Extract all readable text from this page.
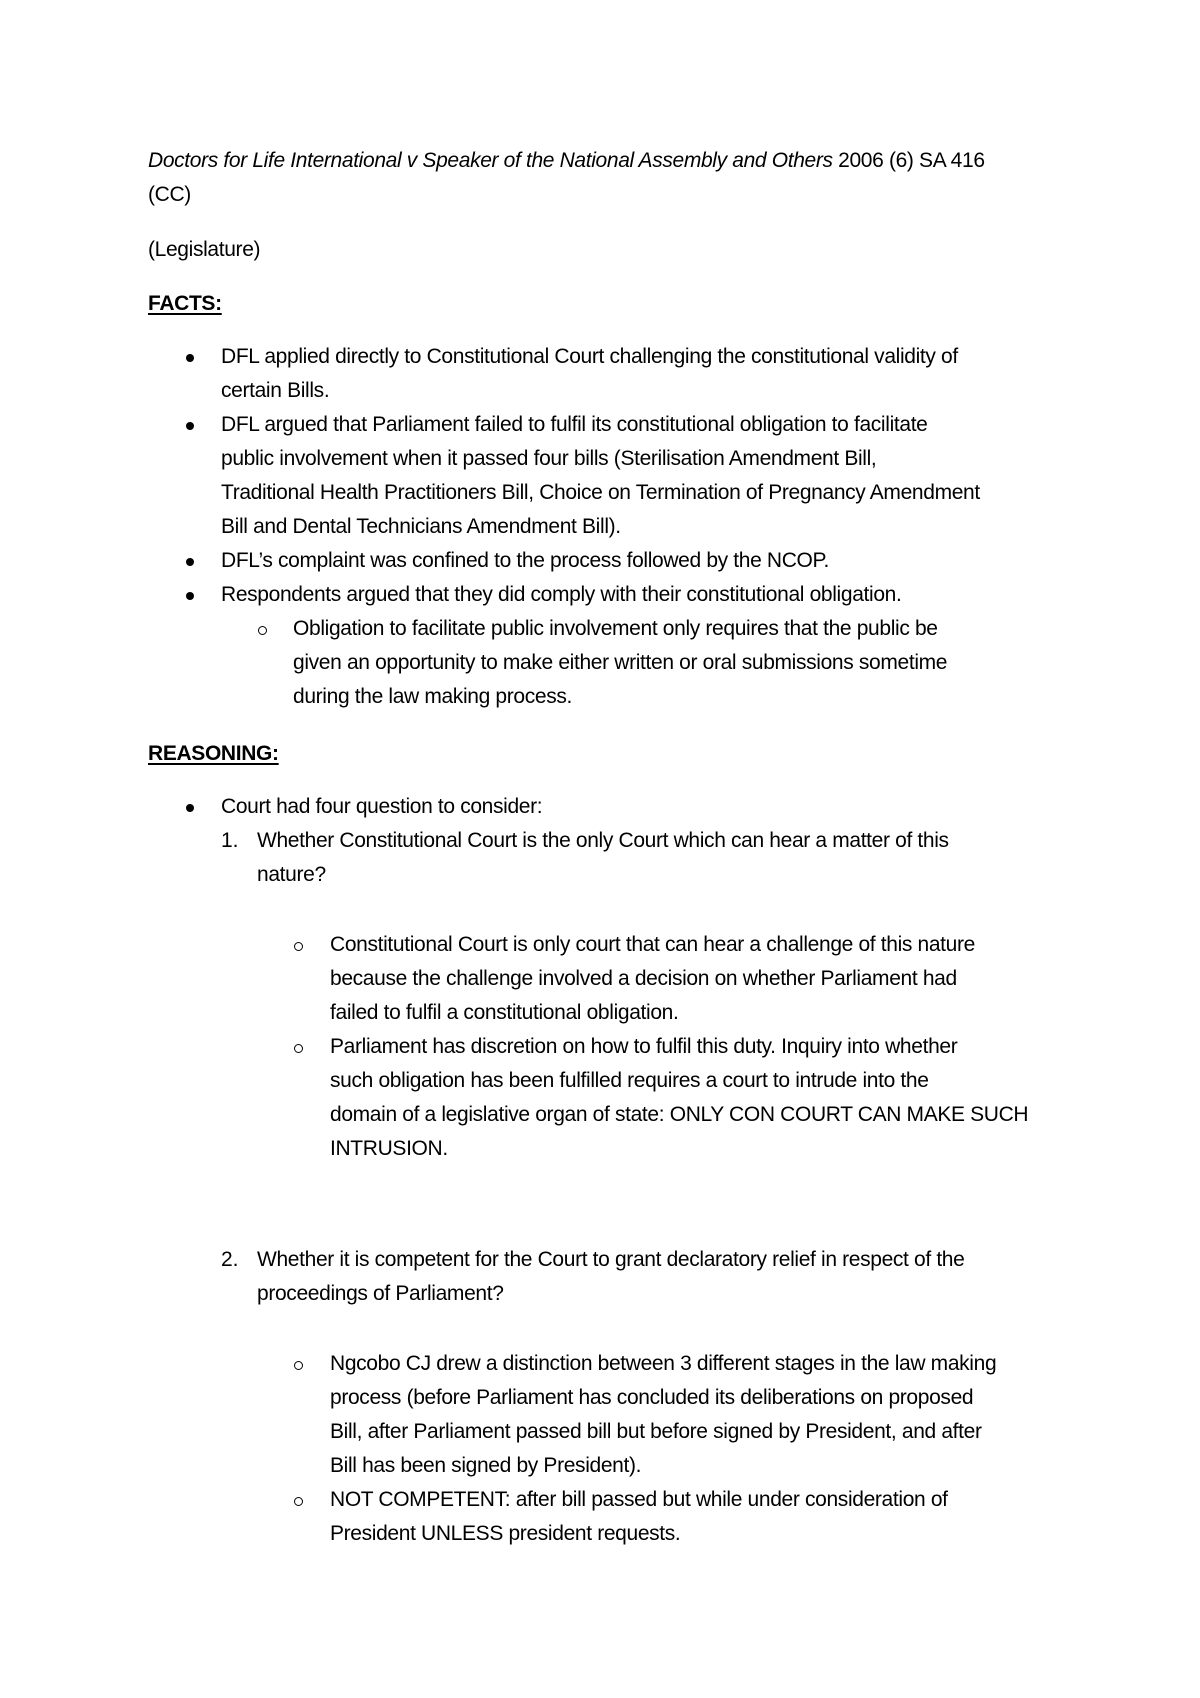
Doctors for Life International v Speaker of the National Assembly and Others 2006 (6) SA 416
(CC)
(Legislature)
FACTS:
DFL applied directly to Constitutional Court challenging the constitutional validity of
certain Bills.
DFL argued that Parliament failed to fulfil its constitutional obligation to facilitate
public involvement when it passed four bills (Sterilisation Amendment Bill,
Traditional Health Practitioners Bill, Choice on Termination of Pregnancy Amendment
Bill and Dental Technicians Amendment Bill).
DFL’s complaint was confined to the process followed by the NCOP.
Respondents argued that they did comply with their constitutional obligation.
Obligation to facilitate public involvement only requires that the public be
given an opportunity to make either written or oral submissions sometime
during the law making process.
REASONING:
Court had four question to consider:
1. Whether Constitutional Court is the only Court which can hear a matter of this
nature?
Constitutional Court is only court that can hear a challenge of this nature
because the challenge involved a decision on whether Parliament had
failed to fulfil a constitutional obligation.
Parliament has discretion on how to fulfil this duty. Inquiry into whether
such obligation has been fulfilled requires a court to intrude into the
domain of a legislative organ of state: ONLY CON COURT CAN MAKE SUCH
INTRUSION.
2. Whether it is competent for the Court to grant declaratory relief in respect of the
proceedings of Parliament?
Ngcobo CJ drew a distinction between 3 different stages in the law making
process (before Parliament has concluded its deliberations on proposed
Bill, after Parliament passed bill but before signed by President, and after
Bill has been signed by President).
NOT COMPETENT: after bill passed but while under consideration of
President UNLESS president requests.
